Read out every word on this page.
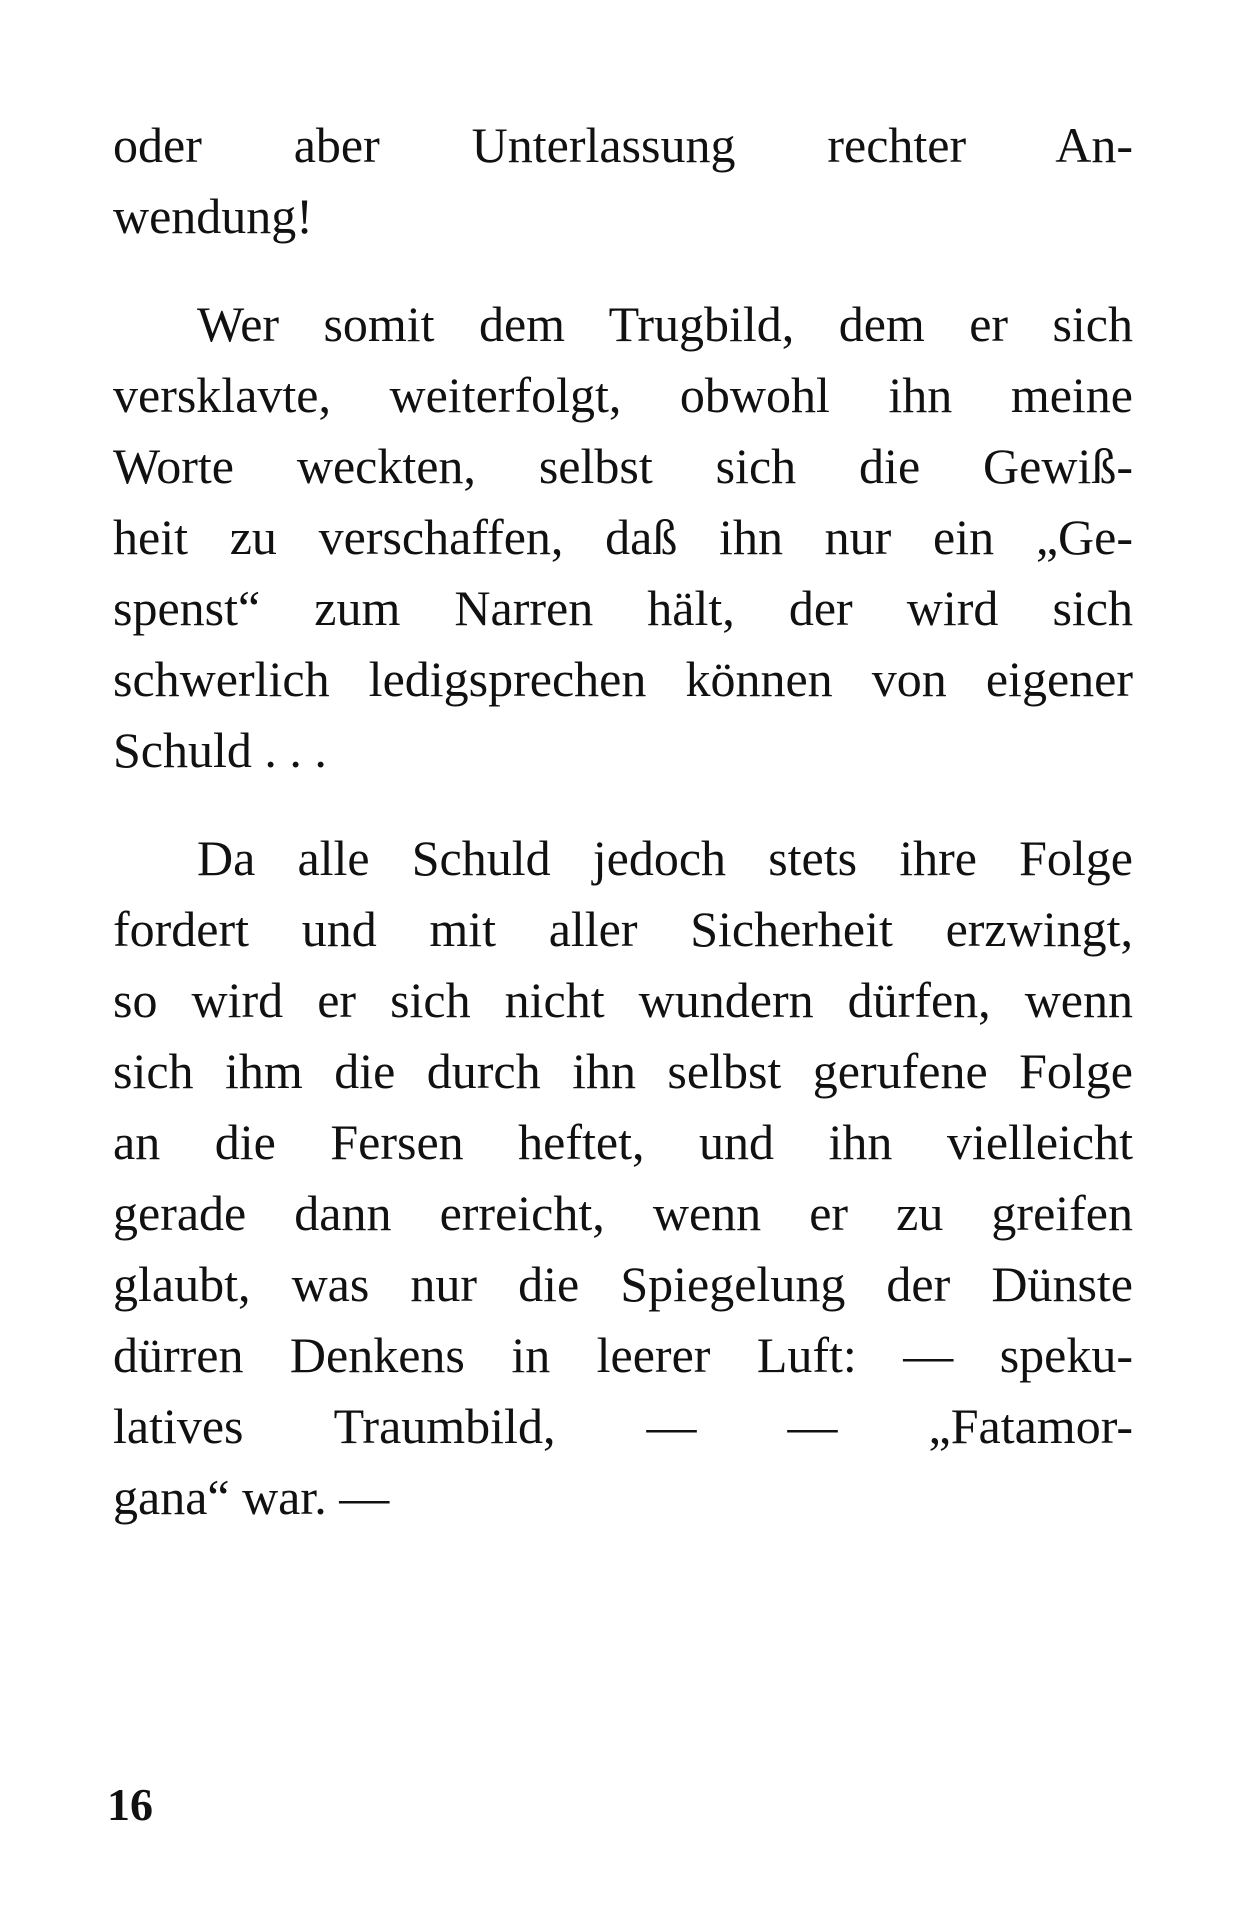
oder aber Unterlassung rechter An-
wendung!
Wer somit dem Trugbild, dem er sich
versklavte, weiterfolgt, obwohl ihn meine
Worte weckten, selbst sich die Gewiß-
heit zu verschaffen, daß ihn nur ein „Ge-
spenst“ zum Narren hält, der wird sich
schwerlich ledigsprechen können von eigener
Schuld . . .
Da alle Schuld jedoch stets ihre Folge
fordert und mit aller Sicherheit erzwingt,
so wird er sich nicht wundern dürfen, wenn
sich ihm die durch ihn selbst gerufene Folge
an die Fersen heftet, und ihn vielleicht
gerade dann erreicht, wenn er zu greifen
glaubt, was nur die Spiegelung der Dünste
dürren Denkens in leerer Luft: — speku-
latives Traumbild, — — „Fatamor-
gana“ war. —
16
